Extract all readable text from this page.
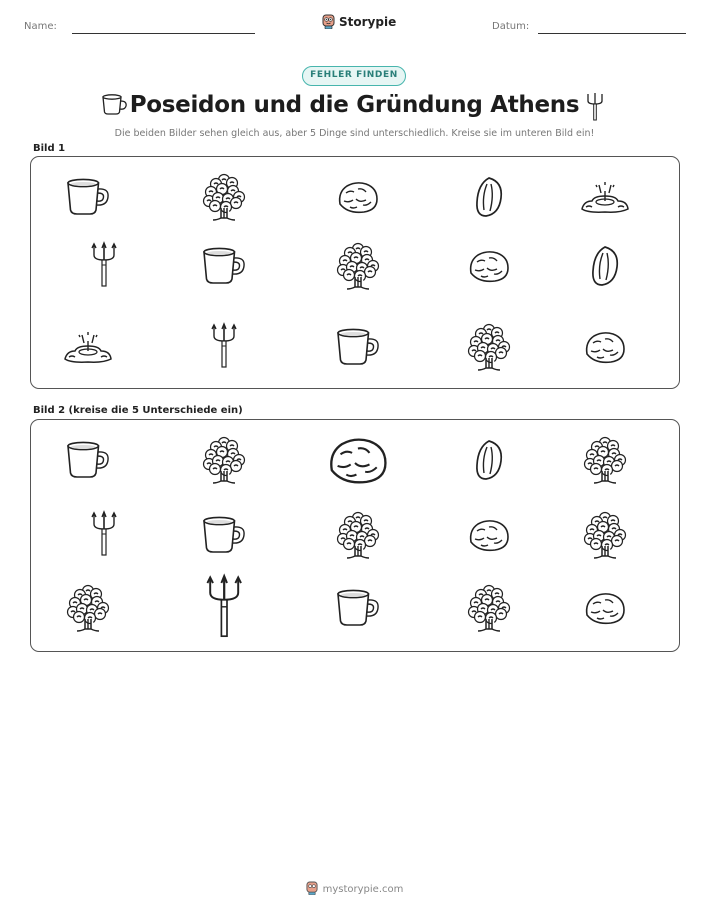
Name:	Storypie	Datum:
FEHLER FINDEN
Poseidon und die Gründung Athens
Die beiden Bilder sehen gleich aus, aber 5 Dinge sind unterschiedlich. Kreise sie im unteren Bild ein!
Bild 1
Bild 2 (kreise die 5 Unterschiede ein)
mystorypie.com
